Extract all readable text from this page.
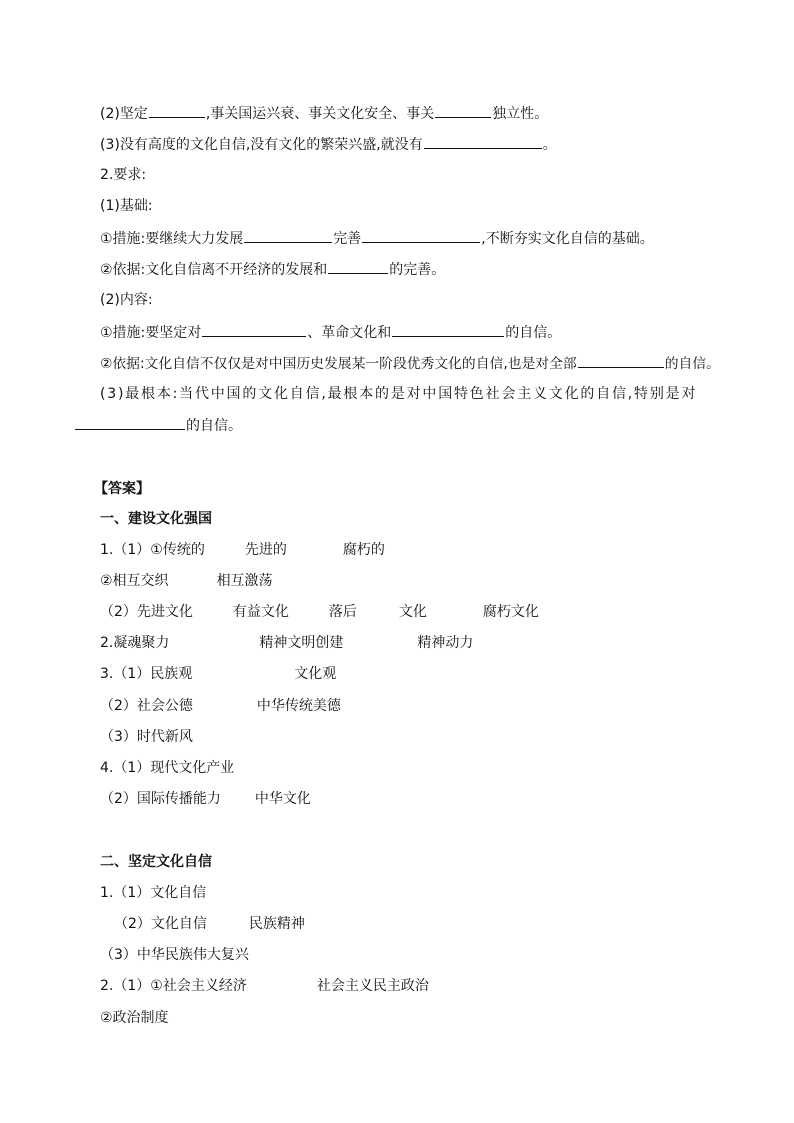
(2)坚定	,事关国运兴衰、事关文化安全、事关	独立性。
(3)没有高度的文化自信,没有文化的繁荣兴盛,就没有	。
2.要求:
(1)基础:
①措施:要继续大力发展	完善	,不断夯实文化自信的基础。
②依据:文化自信离不开经济的发展和	的完善。
(2)内容:
①措施:要坚定对	、革命文化和	的自信。
②依据:文化自信不仅仅是对中国历史发展某一阶段优秀文化的自信,也是对全部	的自信。
(3)最根本:当代中国的文化自信,最根本的是对中国特色社会主义文化的自信,特别是对
的自信。
【答案】
一、建设文化强国
1.（1）①传统的	先进的	腐朽的
②相互交织	相互激荡
（2）先进文化	有益文化	落后	文化	腐朽文化
2.凝魂聚力	精神文明创建	精神动力
3.（1）民族观	文化观
（2）社会公德	中华传统美德
（3）时代新风
4.（1）现代文化产业
（2）国际传播能力 中华文化
二、坚定文化自信
1.（1）文化自信
（2）文化自信	民族精神
（3）中华民族伟大复兴
2.（1）①社会主义经济	社会主义民主政治
②政治制度
